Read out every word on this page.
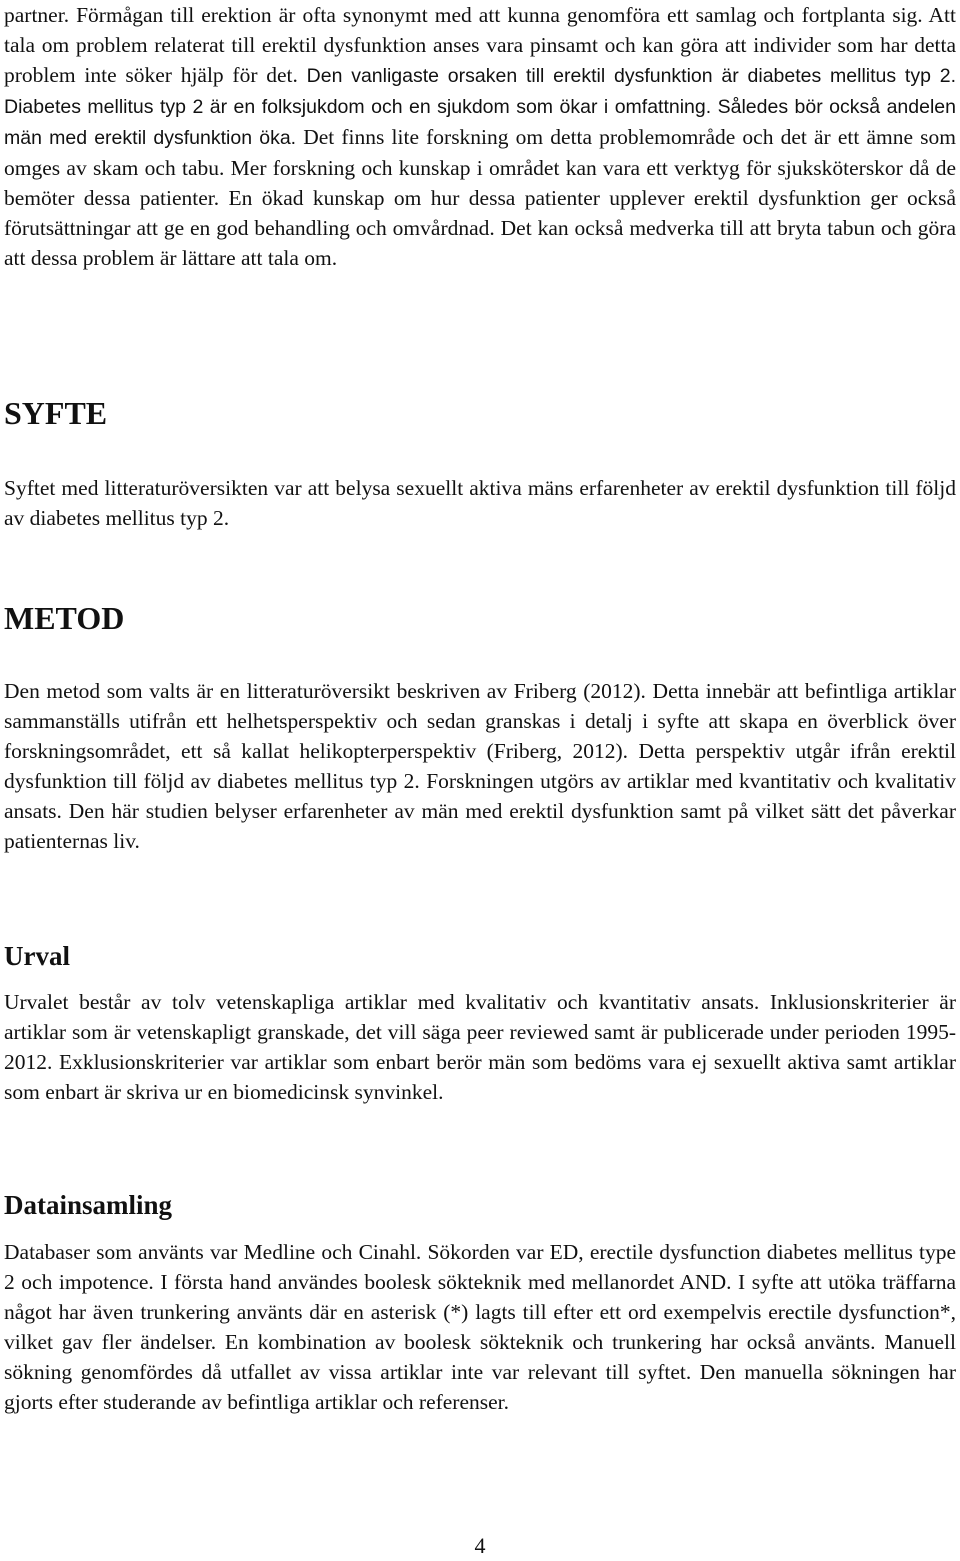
partner. Förmågan till erektion är ofta synonymt med att kunna genomföra ett samlag och fortplanta sig. Att tala om problem relaterat till erektil dysfunktion anses vara pinsamt och kan göra att individer som har detta problem inte söker hjälp för det. Den vanligaste orsaken till erektil dysfunktion är diabetes mellitus typ 2. Diabetes mellitus typ 2 är en folksjukdom och en sjukdom som ökar i omfattning. Således bör också andelen män med erektil dysfunktion öka. Det finns lite forskning om detta problemområde och det är ett ämne som omges av skam och tabu. Mer forskning och kunskap i området kan vara ett verktyg för sjuksköterskor då de bemöter dessa patienter. En ökad kunskap om hur dessa patienter upplever erektil dysfunktion ger också förutsättningar att ge en god behandling och omvårdnad. Det kan också medverka till att bryta tabun och göra att dessa problem är lättare att tala om.

SYFTE

Syftet med litteraturöversikten var att belysa sexuellt aktiva mäns erfarenheter av erektil dysfunktion till följd av diabetes mellitus typ 2.

METOD

Den metod som valts är en litteraturöversikt beskriven av Friberg (2012). Detta innebär att befintliga artiklar sammanställs utifrån ett helhetsperspektiv och sedan granskas i detalj i syfte att skapa en överblick över forskningsområdet, ett så kallat helikopterperspektiv (Friberg, 2012). Detta perspektiv utgår ifrån erektil dysfunktion till följd av diabetes mellitus typ 2. Forskningen utgörs av artiklar med kvantitativ och kvalitativ ansats. Den här studien belyser erfarenheter av män med erektil dysfunktion samt på vilket sätt det påverkar patienternas liv.

Urval

Urvalet består av tolv vetenskapliga artiklar med kvalitativ och kvantitativ ansats. Inklusionskriterier är artiklar som är vetenskapligt granskade, det vill säga peer reviewed samt är publicerade under perioden 1995-2012. Exklusionskriterier var artiklar som enbart berör män som bedöms vara ej sexuellt aktiva samt artiklar som enbart är skriva ur en biomedicinsk synvinkel.

Datainsamling

Databaser som använts var Medline och Cinahl. Sökorden var ED, erectile dysfunction diabetes mellitus type 2 och impotence. I första hand användes boolesk sökteknik med mellanordet AND. I syfte att utöka träffarna något har även trunkering använts där en asterisk (*) lagts till efter ett ord exempelvis erectile dysfunction*, vilket gav fler ändelser. En kombination av boolesk sökteknik och trunkering har också använts. Manuell sökning genomfördes då utfallet av vissa artiklar inte var relevant till syftet. Den manuella sökningen har gjorts efter studerande av befintliga artiklar och referenser.

4
